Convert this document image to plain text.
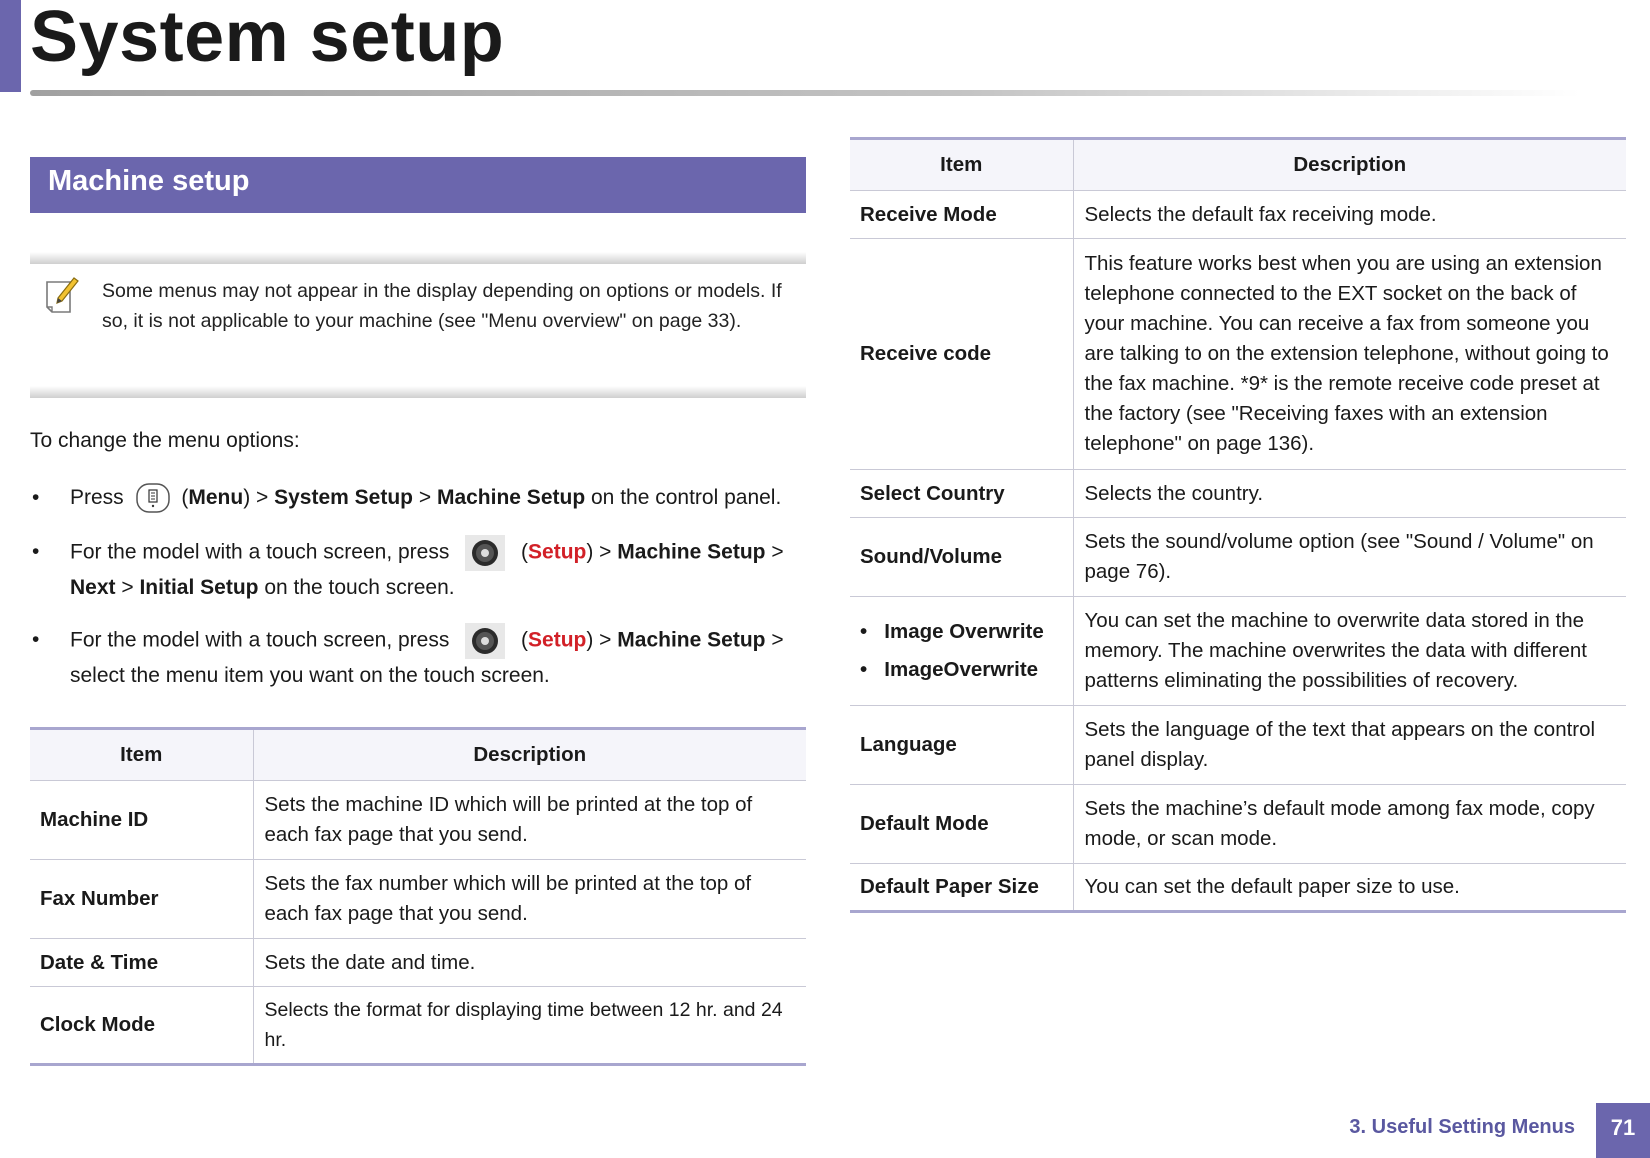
System setup
Machine setup
Some menus may not appear in the display depending on options or models. If so, it is not applicable to your machine (see "Menu overview" on page 33).
To change the menu options:
• Press  (Menu) > System Setup > Machine Setup on the control panel.
• For the model with a touch screen, press	(Setup) > Machine Setup > Next > Initial Setup on the touch screen.
• For the model with a touch screen, press	(Setup) > Machine Setup > select the menu item you want on the touch screen.
Item	Description
Machine ID	Sets the machine ID which will be printed at the top of each fax page that you send.
Fax Number	Sets the fax number which will be printed at the top of each fax page that you send.
Date & Time	Sets the date and time.
Clock Mode	Selects the format for displaying time between 12 hr. and 24 hr.
Item	Description
Receive Mode	Selects the default fax receiving mode.
Receive code	This feature works best when you are using an extension telephone connected to the EXT socket on the back of your machine. You can receive a fax from someone you are talking to on the extension telephone, without going to the fax machine. *9* is the remote receive code preset at the factory (see "Receiving faxes with an extension telephone" on page 136).
Select Country	Selects the country.
Sound/Volume	Sets the sound/volume option (see "Sound / Volume" on page 76).

•   Image Overwrite
•   ImageOverwrite	You can set the machine to overwrite data stored in the memory. The machine overwrites the data with different patterns eliminating the possibilities of recovery.
Language	Sets the language of the text that appears on the control panel display.
Default Mode	Sets the machine’s default mode among fax mode, copy mode, or scan mode.
Default Paper Size	You can set the default paper size to use.
3. Useful Setting Menus	71
